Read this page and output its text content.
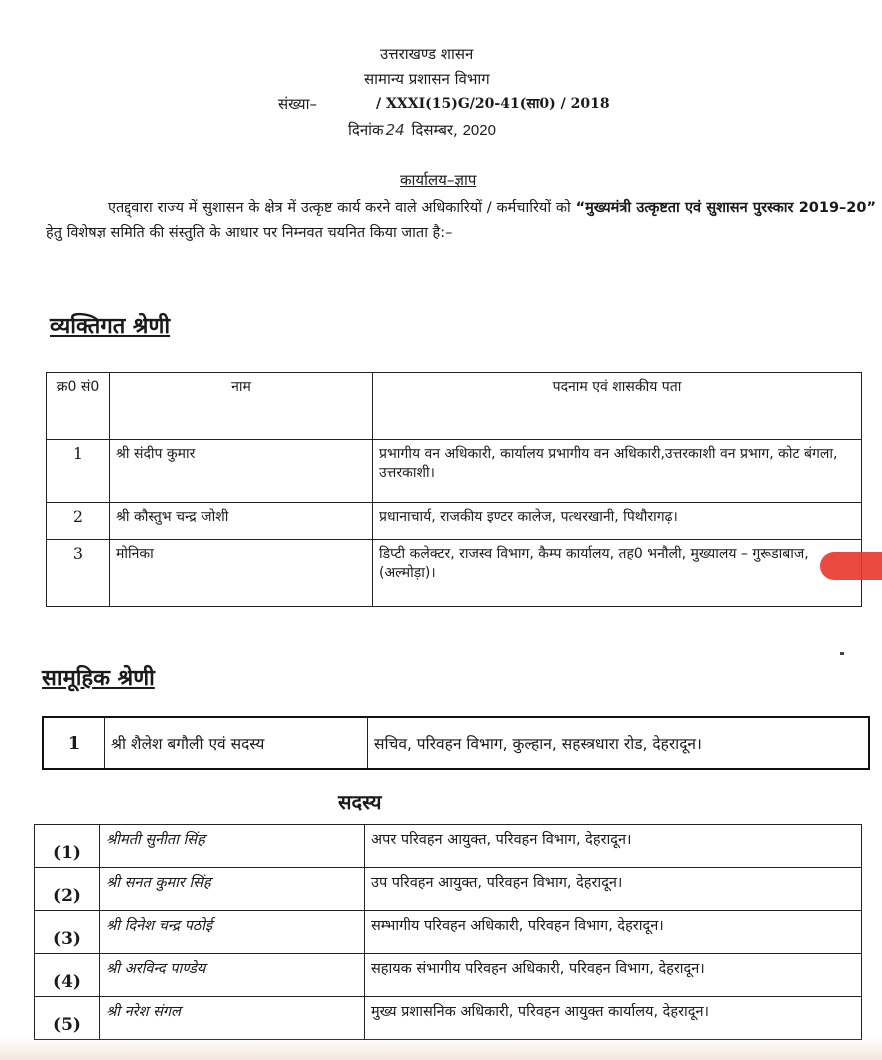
उत्तराखण्ड शासन
सामान्य प्रशासन विभाग
संख्या–	/ XXXI(15)G/20-41(सा0) / 2018
दिनांक 24 दिसम्बर, 2020
कार्यालय–ज्ञाप

एतद्द्वारा राज्य में सुशासन के क्षेत्र में उत्कृष्ट कार्य करने वाले अधिकारियों / कर्मचारियों को “मुख्यमंत्री उत्कृष्टता एवं सुशासन पुरस्कार 2019–20” हेतु विशेषज्ञ समिति की संस्तुति के आधार पर निम्नवत चयनित किया जाता है:–

व्यक्तिगत श्रेणी
क्र0 सं0	नाम	पदनाम एवं शासकीय पता
1	श्री संदीप कुमार	प्रभागीय वन अधिकारी, कार्यालय प्रभागीय वन अधिकारी,उत्तरकाशी वन प्रभाग, कोट बंगला, उत्तरकाशी।
2	श्री कौस्तुभ चन्द्र जोशी	प्रधानाचार्य, राजकीय इण्टर कालेज, पत्थरखानी, पिथौरागढ़।
3	मोनिका	डिप्टी कलेक्टर, राजस्व विभाग, कैम्प कार्यालय, तह0 भनौली, मुख्यालय – गुरूडाबाज, (अल्मोड़ा)।
सामूहिक श्रेणी
1	श्री शैलेश बगौली एवं सदस्य	सचिव, परिवहन विभाग, कुल्हान, सहस्त्रधारा रोड, देहरादून।
सदस्य
(1)	श्रीमती सुनीता सिंह	अपर परिवहन आयुक्त, परिवहन विभाग, देहरादून।
(2)	श्री सनत कुमार सिंह	उप परिवहन आयुक्त, परिवहन विभाग, देहरादून।
(3)	श्री दिनेश चन्द्र पठोई	सम्भागीय परिवहन अधिकारी, परिवहन विभाग, देहरादून।
(4)	श्री अरविन्द पाण्डेय	सहायक संभागीय परिवहन अधिकारी, परिवहन विभाग, देहरादून।
(5)	श्री नरेश संगल	मुख्य प्रशासनिक अधिकारी, परिवहन आयुक्त कार्यालय, देहरादून।
